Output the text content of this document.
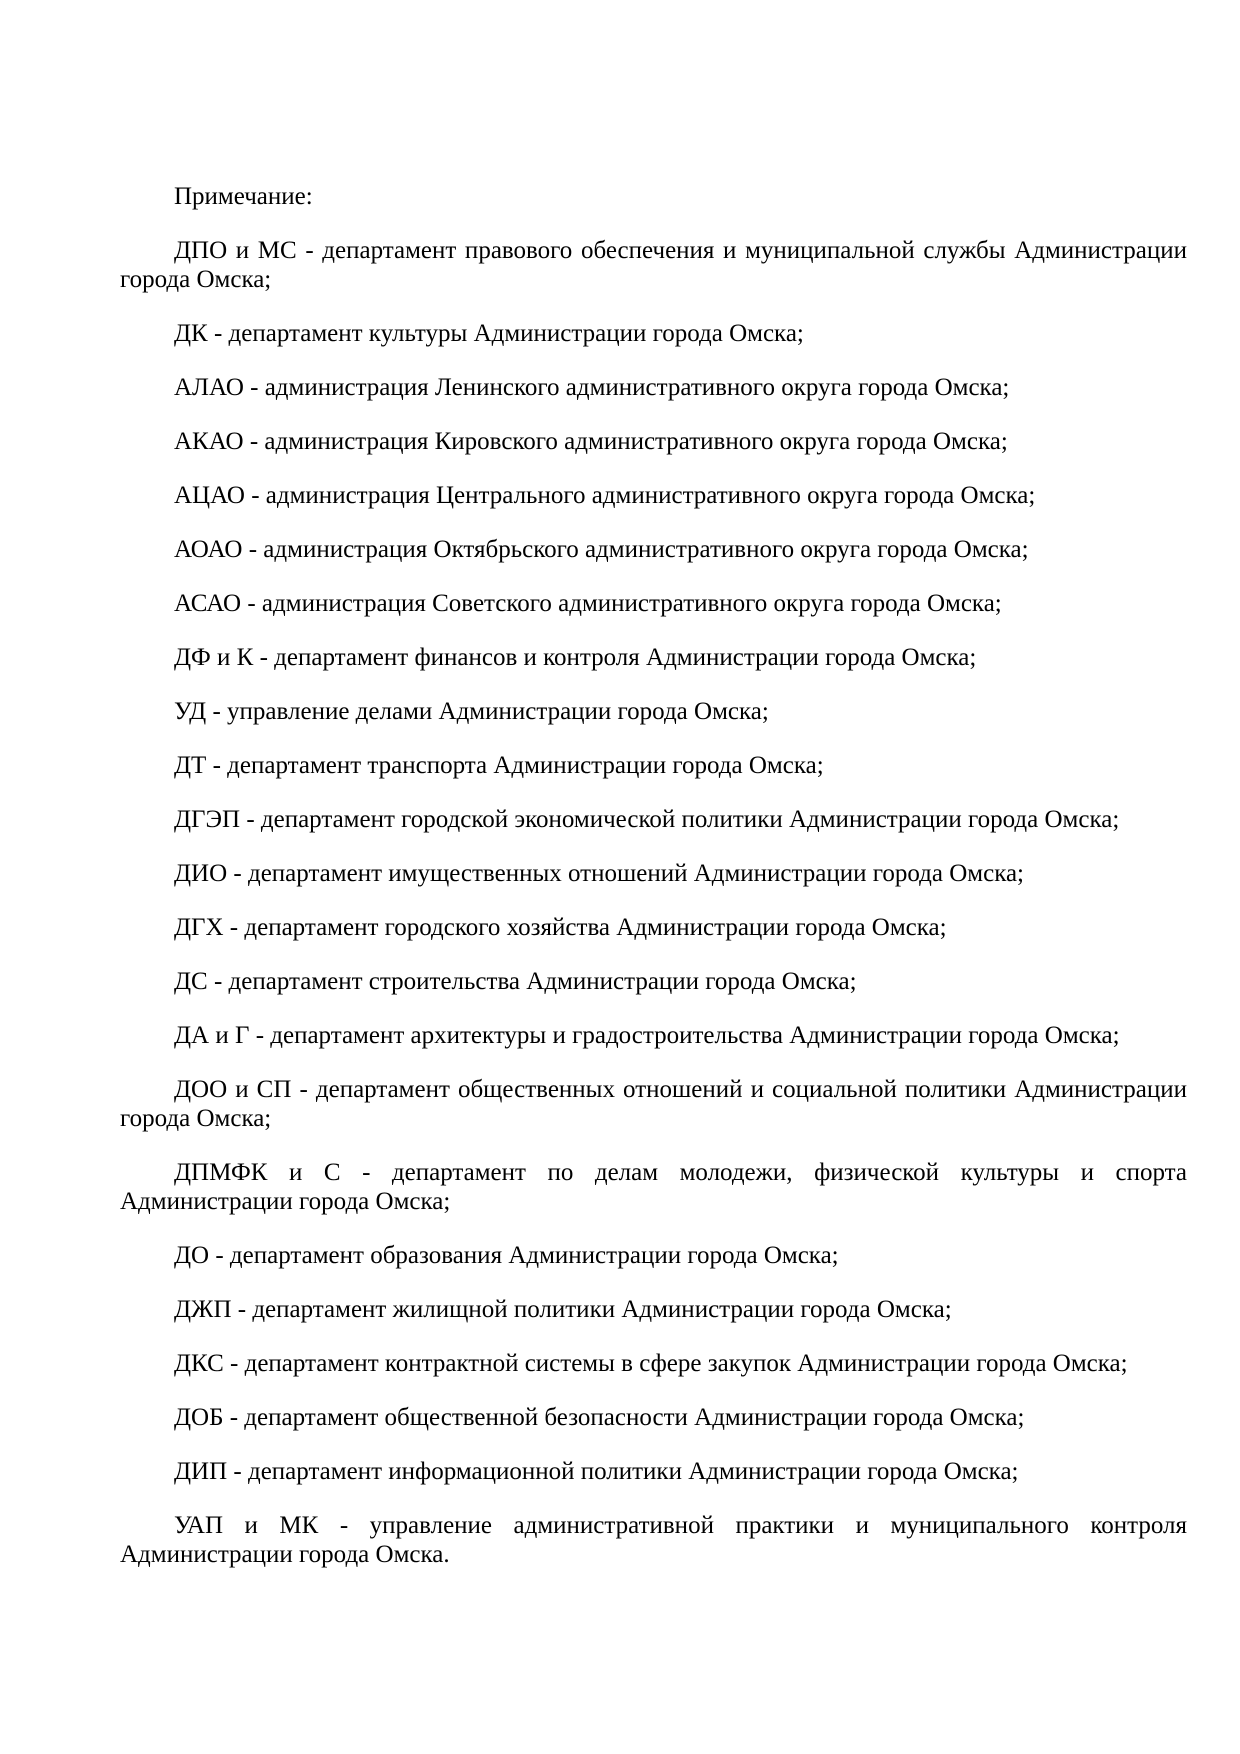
Примечание:

ДПО и МС - департамент правового обеспечения и муниципальной службы Администрации города Омска;

ДК - департамент культуры Администрации города Омска;

АЛАО - администрация Ленинского административного округа города Омска;

АКАО - администрация Кировского административного округа города Омска;

АЦАО - администрация Центрального административного округа города Омска;

АОАО - администрация Октябрьского административного округа города Омска;

АСАО - администрация Советского административного округа города Омска;

ДФ и К - департамент финансов и контроля Администрации города Омска;

УД - управление делами Администрации города Омска;

ДТ - департамент транспорта Администрации города Омска;

ДГЭП - департамент городской экономической политики Администрации города Омска;

ДИО - департамент имущественных отношений Администрации города Омска;

ДГХ - департамент городского хозяйства Администрации города Омска;

ДС - департамент строительства Администрации города Омска;

ДА и Г - департамент архитектуры и градостроительства Администрации города Омска;

ДОО и СП - департамент общественных отношений и социальной политики Администрации города Омска;

ДПМФК и С - департамент по делам молодежи, физической культуры и спорта Администрации города Омска;

ДО - департамент образования Администрации города Омска;

ДЖП - департамент жилищной политики Администрации города Омска;

ДКС - департамент контрактной системы в сфере закупок Администрации города Омска;

ДОБ - департамент общественной безопасности Администрации города Омска;

ДИП - департамент информационной политики Администрации города Омска;

УАП и МК - управление административной практики и муниципального контроля Администрации города Омска.
